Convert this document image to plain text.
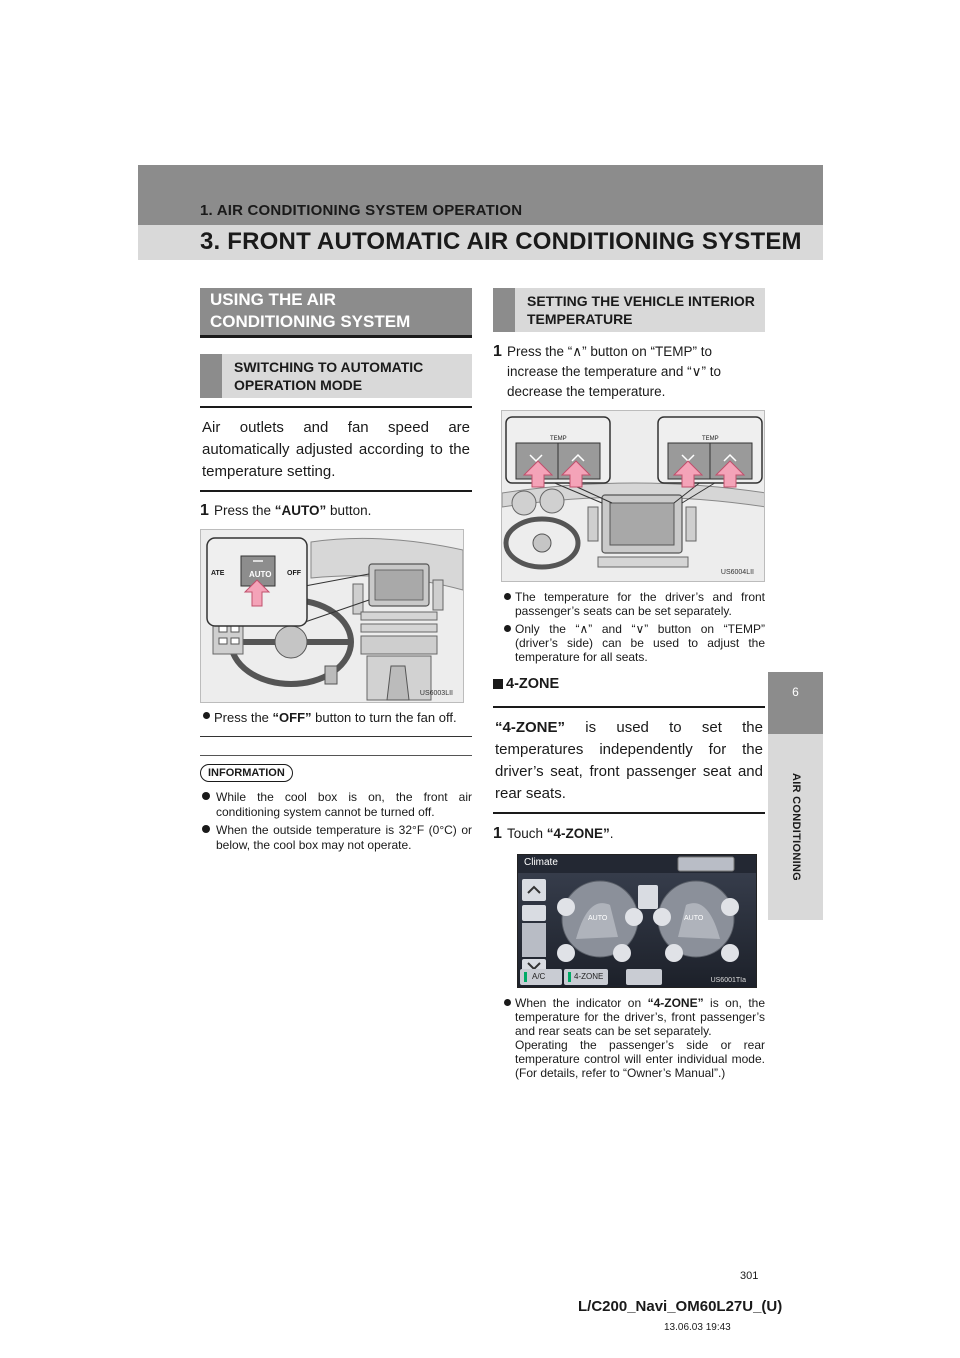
1. AIR CONDITIONING SYSTEM OPERATION
3. FRONT AUTOMATIC AIR CONDITIONING SYSTEM
6
AIR CONDITIONING
USING THE AIR CONDITIONING SYSTEM
SWITCHING TO AUTOMATIC OPERATION MODE
Air outlets and fan speed are automatically adjusted according to the temperature setting.
1 Press the “AUTO” button.
AUTO
ATE	OFF
US6003LII
Press the “OFF” button to turn the fan off.
INFORMATION
While the cool box is on, the front air conditioning system cannot be turned off.
When the outside temperature is 32°F (0°C) or below, the cool box may not operate.
SETTING THE VEHICLE INTERIOR TEMPERATURE
1 Press the “∧” button on “TEMP” to increase the temperature and “∨” to decrease the temperature.
TEMP	TEMP
US6004LII
The temperature for the driver’s and front passenger’s seats can be set separately.
Only the “∧” and “∨” button on “TEMP” (driver’s side) can be used to adjust the temperature for all seats.
4-ZONE
“4-ZONE” is used to set the temperatures independently for the driver’s seat, front passenger seat and rear seats.
1 Touch “4-ZONE”.
Climate
AUTO	AUTO
A/C	4-ZONE	US6001TIa
When the indicator on “4-ZONE” is on, the temperature for the driver’s, front passenger’s and rear seats can be set separately.
Operating the passenger’s side or rear temperature control will enter individual mode. (For details, refer to “Owner’s Manual”.)
301
L/C200_Navi_OM60L27U_(U)
13.06.03 19:43
